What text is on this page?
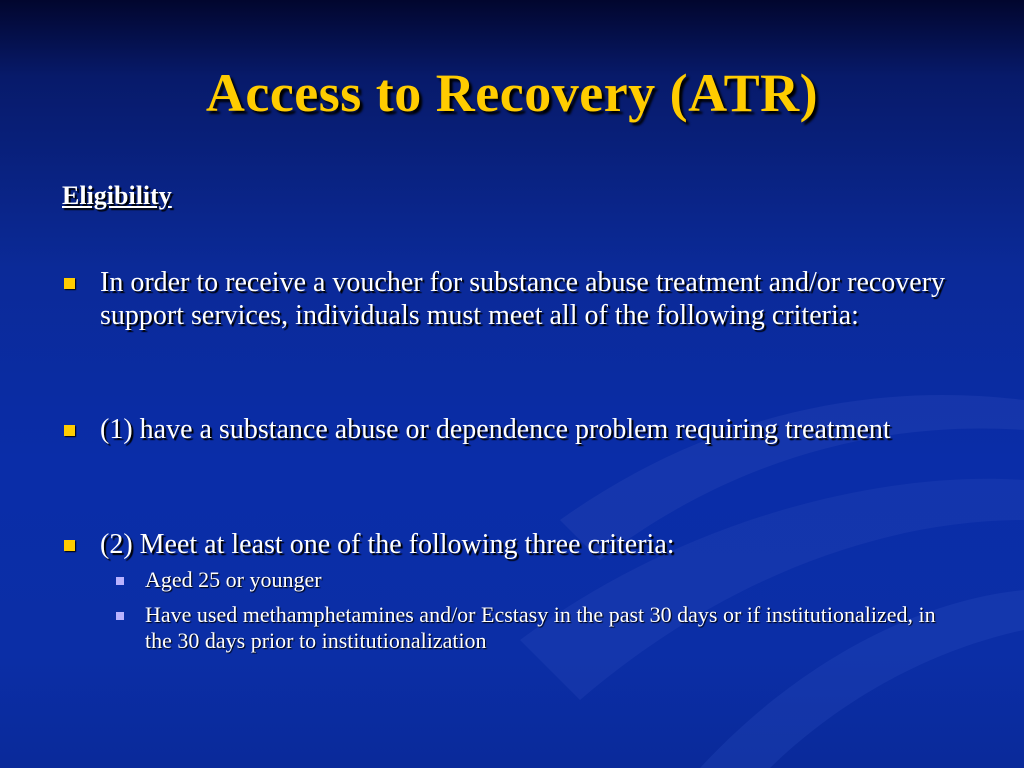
Access to Recovery (ATR)
Eligibility
In order to receive a voucher for substance abuse treatment and/or recovery support services, individuals must meet all of the following criteria:
(1) have a substance abuse or dependence problem requiring treatment
(2) Meet at least one of the following three criteria:
Aged 25 or younger
Have used methamphetamines and/or Ecstasy in the past 30 days or if institutionalized, in the 30 days prior to institutionalization
